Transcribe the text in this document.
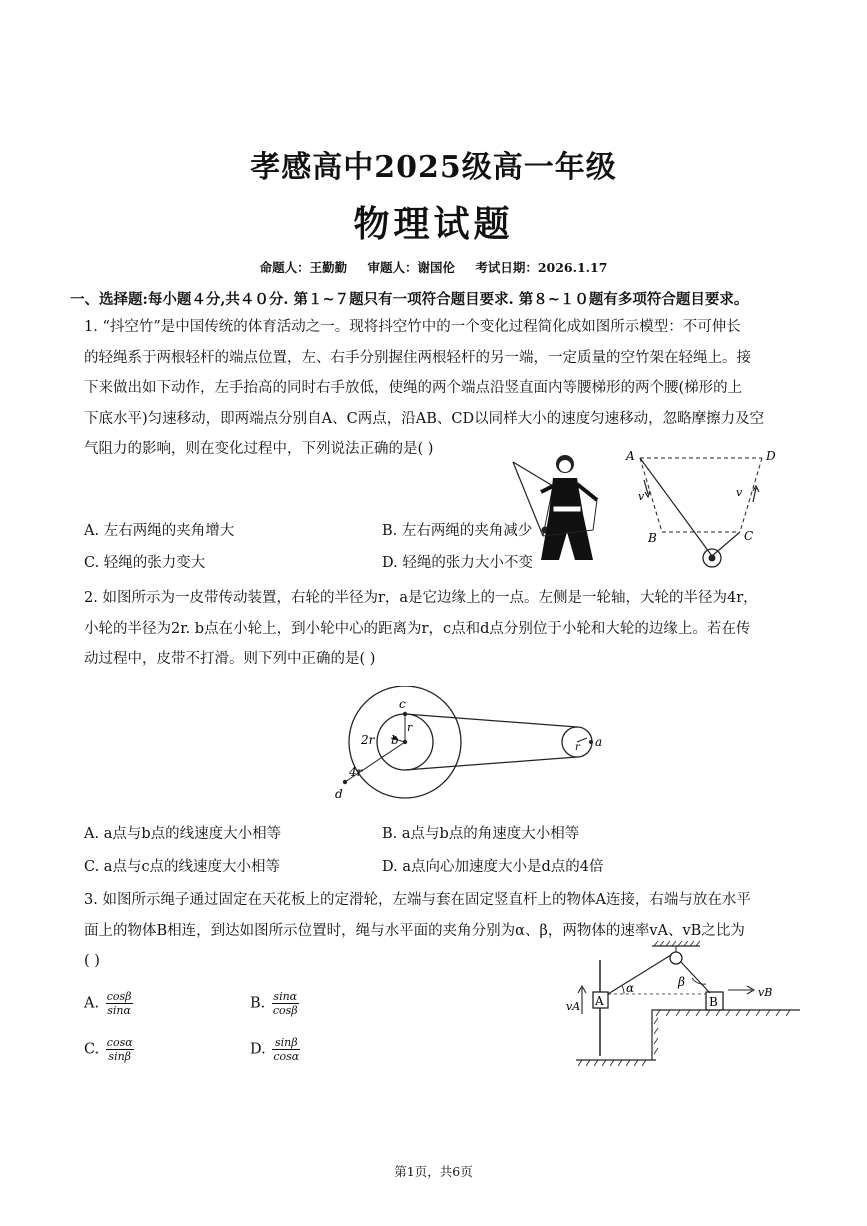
孝感高中2025级高一年级
物理试题
命题人：王勤勤 审题人：谢国伦 考试日期：2026.1.17
一、选择题:每小题４分,共４０分. 第１~７题只有一项符合题目要求. 第８~１０题有多项符合题目要求。

1. “抖空竹”是中国传统的体育活动之一。现将抖空竹中的一个变化过程简化成如图所示模型：不可伸长

的轻绳系于两根轻杆的端点位置，左、右手分别握住两根轻杆的另一端，一定质量的空竹架在轻绳上。接

下来做出如下动作，左手抬高的同时右手放低，使绳的两个端点沿竖直面内等腰梯形的两个腰(梯形的上

下底水平)匀速移动，即两端点分别自A、C两点，沿AB、CD以同样大小的速度匀速移动，忽略摩擦力及空

气阻力的影响，则在变化过程中，下列说法正确的是( )

A. 左右两绳的夹角增大	B. 左右两绳的夹角减少
C. 轻绳的张力变大	D. 轻绳的张力大小不变
A	D
B	C
v	v

2. 如图所示为一皮带传动装置，右轮的半径为r，a是它边缘上的一点。左侧是一轮轴，大轮的半径为4r，

小轮的半径为2r. b点在小轮上，到小轮中心的距离为r，c点和d点分别位于小轮和大轮的边缘上。若在传

动过程中，皮带不打滑。则下列中正确的是( )

c
r
2r b
4r
d
a
r
A. a点与b点的线速度大小相等	B. a点与b点的角速度大小相等
C. a点与c点的线速度大小相等	D. a点向心加速度大小是d点的4倍

3. 如图所示绳子通过固定在天花板上的定滑轮，左端与套在固定竖直杆上的物体A连接，右端与放在水平

面上的物体B相连，到达如图所示位置时，绳与水平面的夹角分别为α、β，两物体的速率vA、vB之比为

( )

A. $\frac{\cos\beta}{\sin\alpha}$	B. $\frac{\sin\alpha}{\cos\beta}$
C. $\frac{\cos\alpha}{\sin\beta}$	D. $\frac{\sin\beta}{\cos\alpha}$
A	B
α	β
vA
vB
第1页，共6页
